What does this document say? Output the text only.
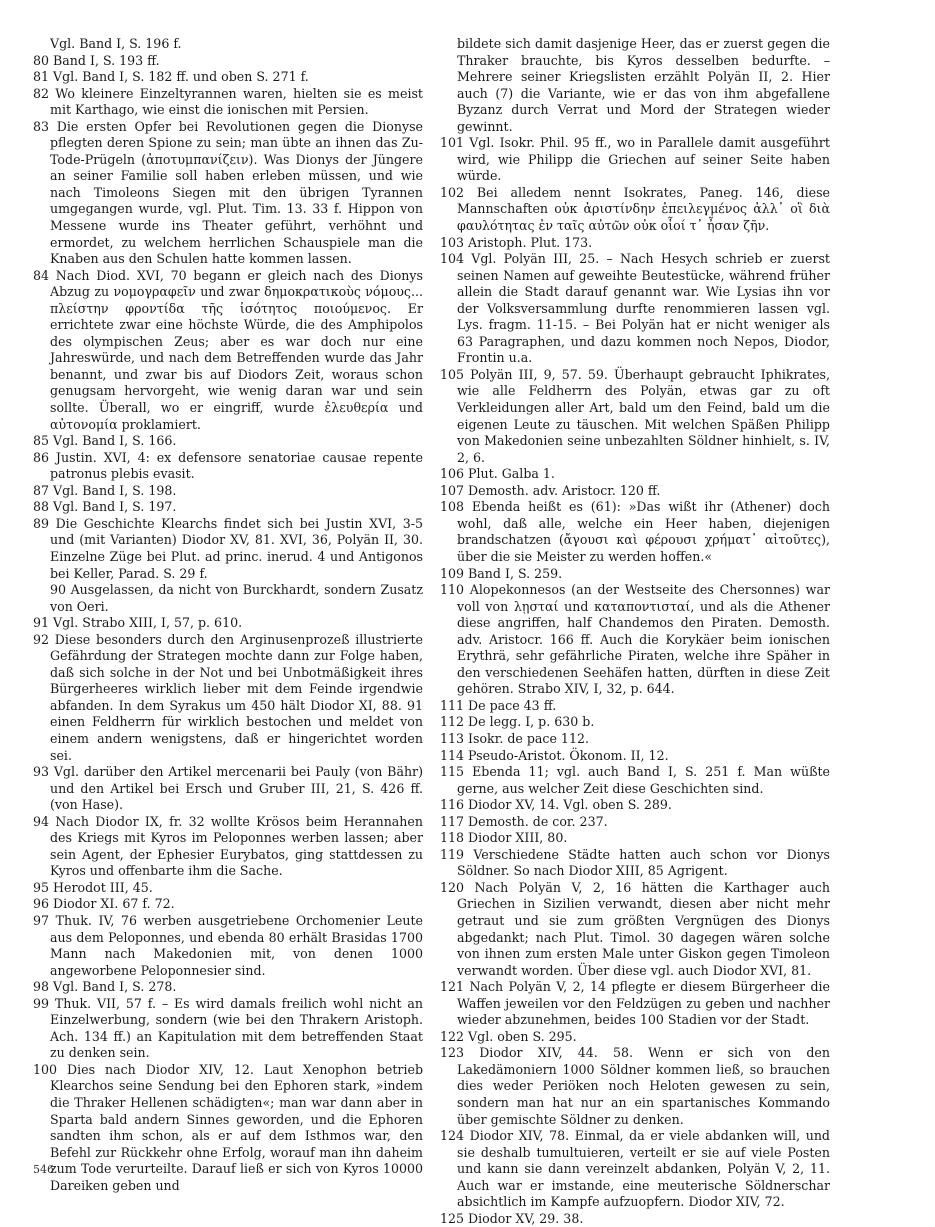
Vgl. Band I, S. 196 f.
80 Band I, S. 193 ff.
81 Vgl. Band I, S. 182 ff. und oben S. 271 f.
82 Wo kleinere Einzeltyrannen waren, hielten sie es meist mit Karthago, wie einst die ionischen mit Persien.
83 Die ersten Opfer bei Revolutionen gegen die Dionyse pflegten deren Spione zu sein; man übte an ihnen das Zu-Tode-Prügeln (ἀποτυμπανίζειν). Was Dionys der Jüngere an seiner Familie soll haben erleben müssen, und wie nach Timoleons Siegen mit den übrigen Tyrannen umgegangen wurde, vgl. Plut. Tim. 13. 33 f. Hippon von Messene wurde ins Theater geführt, verhöhnt und ermordet, zu welchem herrlichen Schauspiele man die Knaben aus den Schulen hatte kommen lassen.
84 Nach Diod. XVI, 70 begann er gleich nach des Dionys Abzug zu νομογραφεῖν und zwar δημοκρατικοὺς νόμους... πλείστην φροντίδα τῆς ἰσότητος ποιούμενος. Er errichtete zwar eine höchste Würde, die des Amphipolos des olympischen Zeus; aber es war doch nur eine Jahreswürde, und nach dem Betreffenden wurde das Jahr benannt, und zwar bis auf Diodors Zeit, woraus schon genugsam hervorgeht, wie wenig daran war und sein sollte. Überall, wo er eingriff, wurde ἐλευθερία und αὐτονομία proklamiert.
85 Vgl. Band I, S. 166.
86 Justin. XVI, 4: ex defensore senatoriae causae repente patronus plebis evasit.
87 Vgl. Band I, S. 198.
88 Vgl. Band I, S. 197.
89 Die Geschichte Klearchs findet sich bei Justin XVI, 3-5 und (mit Varianten) Diodor XV, 81. XVI, 36, Polyän II, 30. Einzelne Züge bei Plut. ad princ. inerud. 4 und Antigonos bei Keller, Parad. S. 29 f.
90 Ausgelassen, da nicht von Burckhardt, sondern Zusatz von Oeri.
91 Vgl. Strabo XIII, I, 57, p. 610.
92 Diese besonders durch den Arginusenprozeß illustrierte Gefährdung der Strategen mochte dann zur Folge haben, daß sich solche in der Not und bei Unbotmäßigkeit ihres Bürgerheeres wirklich lieber mit dem Feinde irgendwie abfanden. In dem Syrakus um 450 hält Diodor XI, 88. 91 einen Feldherrn für wirklich bestochen und meldet von einem andern wenigstens, daß er hingerichtet worden sei.
93 Vgl. darüber den Artikel mercenarii bei Pauly (von Bähr) und den Artikel bei Ersch und Gruber III, 21, S. 426 ff. (von Hase).
94 Nach Diodor IX, fr. 32 wollte Krösos beim Herannahen des Kriegs mit Kyros im Peloponnes werben lassen; aber sein Agent, der Ephesier Eurybatos, ging stattdessen zu Kyros und offenbarte ihm die Sache.
95 Herodot III, 45.
96 Diodor XI. 67 f. 72.
97 Thuk. IV, 76 werben ausgetriebene Orchomenier Leute aus dem Peloponnes, und ebenda 80 erhält Brasidas 1700 Mann nach Makedonien mit, von denen 1000 angeworbene Peloponnesier sind.
98 Vgl. Band I, S. 278.
99 Thuk. VII, 57 f. – Es wird damals freilich wohl nicht an Einzelwerbung, sondern (wie bei den Thrakern Aristoph. Ach. 134 ff.) an Kapitulation mit dem betreffenden Staat zu denken sein.
100 Dies nach Diodor XIV, 12. Laut Xenophon betrieb Klearchos seine Sendung bei den Ephoren stark, »indem die Thraker Hellenen schädigten«; man war dann aber in Sparta bald andern Sinnes geworden, und die Ephoren sandten ihm schon, als er auf dem Isthmos war, den Befehl zur Rückkehr ohne Erfolg, worauf man ihn daheim zum Tode verurteilte. Darauf ließ er sich von Kyros 10000 Dareiken geben und
bildete sich damit dasjenige Heer, das er zuerst gegen die Thraker brauchte, bis Kyros desselben bedurfte. – Mehrere seiner Kriegslisten erzählt Polyän II, 2. Hier auch (7) die Variante, wie er das von ihm abgefallene Byzanz durch Verrat und Mord der Strategen wieder gewinnt.
101 Vgl. Isokr. Phil. 95 ff., wo in Parallele damit ausgeführt wird, wie Philipp die Griechen auf seiner Seite haben würde.
102 Bei alledem nennt Isokrates, Paneg. 146, diese Mannschaften οὐκ ἀριστίνδην ἐπειλεγμένος ἀλλ᾽ οἳ διὰ φαυλότητας ἐν ταῖς αὐτῶν οὐκ οἷοί τ᾽ ἦσαν ζῆν.
103 Aristoph. Plut. 173.
104 Vgl. Polyän III, 25. – Nach Hesych schrieb er zuerst seinen Namen auf geweihte Beutestücke, während früher allein die Stadt darauf genannt war. Wie Lysias ihn vor der Volksversammlung durfte renommieren lassen vgl. Lys. fragm. 11-15. – Bei Polyän hat er nicht weniger als 63 Paragraphen, und dazu kommen noch Nepos, Diodor, Frontin u.a.
105 Polyän III, 9, 57. 59. Überhaupt gebraucht Iphikrates, wie alle Feldherrn des Polyän, etwas gar zu oft Verkleidungen aller Art, bald um den Feind, bald um die eigenen Leute zu täuschen. Mit welchen Späßen Philipp von Makedonien seine unbezahlten Söldner hinhielt, s. IV, 2, 6.
106 Plut. Galba 1.
107 Demosth. adv. Aristocr. 120 ff.
108 Ebenda heißt es (61): »Das wißt ihr (Athener) doch wohl, daß alle, welche ein Heer haben, diejenigen brandschatzen (ἄγουσι καὶ φέρουσι χρήματ᾽ αἰτοῦτες), über die sie Meister zu werden hoffen.«
109 Band I, S. 259.
110 Alopekonnesos (an der Westseite des Chersonnes) war voll von λῃσταί und καταποντισταί, und als die Athener diese angriffen, half Chandemos den Piraten. Demosth. adv. Aristocr. 166 ff. Auch die Korykäer beim ionischen Erythrä, sehr gefährliche Piraten, welche ihre Späher in den verschiedenen Seehäfen hatten, dürften in diese Zeit gehören. Strabo XIV, I, 32, p. 644.
111 De pace 43 ff.
112 De legg. I, p. 630 b.
113 Isokr. de pace 112.
114 Pseudo-Aristot. Ökonom. II, 12.
115 Ebenda 11; vgl. auch Band I, S. 251 f. Man wüßte gerne, aus welcher Zeit diese Geschichten sind.
116 Diodor XV, 14. Vgl. oben S. 289.
117 Demosth. de cor. 237.
118 Diodor XIII, 80.
119 Verschiedene Städte hatten auch schon vor Dionys Söldner. So nach Diodor XIII, 85 Agrigent.
120 Nach Polyän V, 2, 16 hätten die Karthager auch Griechen in Sizilien verwandt, diesen aber nicht mehr getraut und sie zum größten Vergnügen des Dionys abgedankt; nach Plut. Timol. 30 dagegen wären solche von ihnen zum ersten Male unter Giskon gegen Timoleon verwandt worden. Über diese vgl. auch Diodor XVI, 81.
121 Nach Polyän V, 2, 14 pflegte er diesem Bürgerheer die Waffen jeweilen vor den Feldzügen zu geben und nachher wieder abzunehmen, beides 100 Stadien vor der Stadt.
122 Vgl. oben S. 295.
123 Diodor XIV, 44. 58. Wenn er sich von den Lakedämoniern 1000 Söldner kommen ließ, so brauchen dies weder Periöken noch Heloten gewesen zu sein, sondern man hat nur an ein spartanisches Kommando über gemischte Söldner zu denken.
124 Diodor XIV, 78. Einmal, da er viele abdanken will, und sie deshalb tumultuieren, verteilt er sie auf viele Posten und kann sie dann vereinzelt abdanken, Polyän V, 2, 11. Auch war er imstande, eine meuterische Söldnerschar absichtlich im Kampfe aufzuopfern. Diodor XIV, 72.
125 Diodor XV, 29. 38.
546
